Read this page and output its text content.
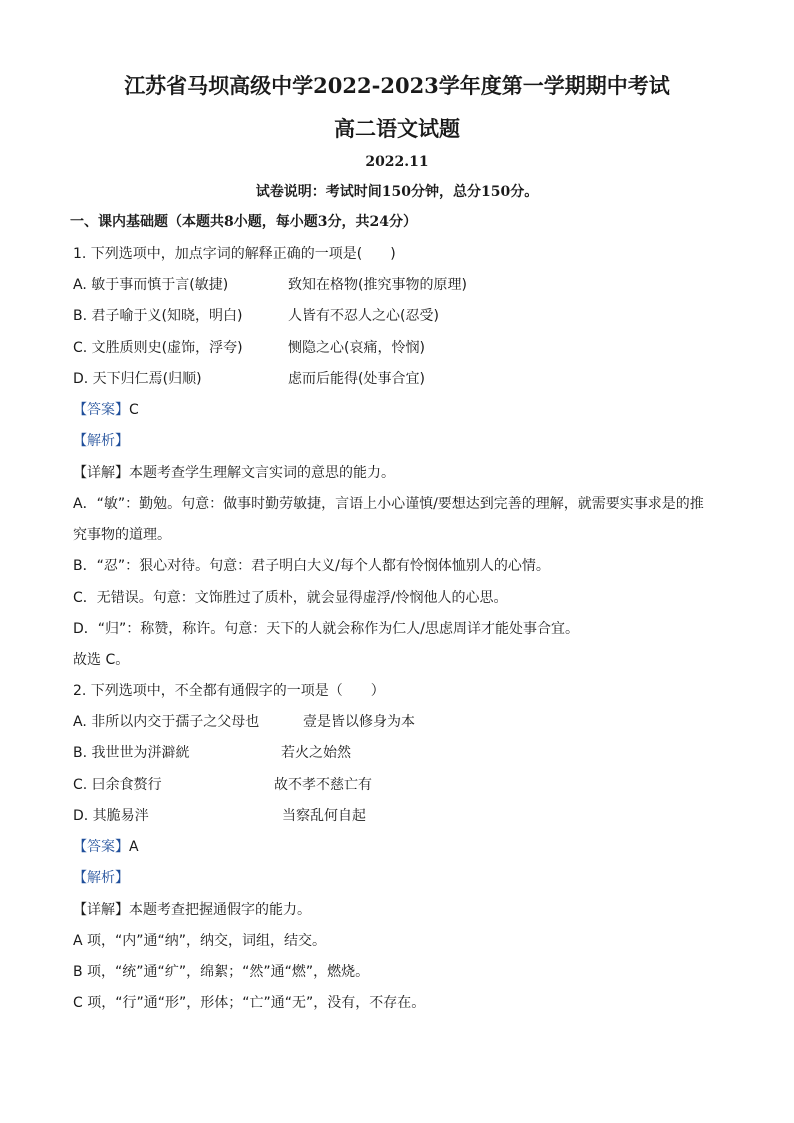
江苏省马坝高级中学2022-2023学年度第一学期期中考试
高二语文试题
2022.11
试卷说明：考试时间150分钟，总分150分。
一、课内基础题（本题共8小题，每小题3分，共24分）
1. 下列选项中，加点字词的解释正确的一项是(　　)
A. 敏于事而慎于言(敏捷)	致知在格物(推究事物的原理)
B. 君子喻于义(知晓，明白)	人皆有不忍人之心(忍受)
C. 文胜质则史(虚饰，浮夸)	恻隐之心(哀痛，怜悯)
D. 天下归仁焉(归顺)	虑而后能得(处事合宜)
【答案】C
【解析】
【详解】本题考查学生理解文言实词的意思的能力。
A．“敏”：勤勉。句意：做事时勤劳敏捷，言语上小心谨慎/要想达到完善的理解，就需要实事求是的推
究事物的道理。
B．“忍”：狠心对待。句意：君子明白大义/每个人都有怜悯体恤别人的心情。
C．无错误。句意：文饰胜过了质朴，就会显得虚浮/怜悯他人的心思。
D．“归”：称赞，称许。句意：天下的人就会称作为仁人/思虑周详才能处事合宜。
故选 C。
2. 下列选项中，不全都有通假字的一项是（　　）
A. 非所以内交于孺子之父母也	壹是皆以修身为本
B. 我世世为洴澼絖	若火之始然
C. 曰余食赘行	故不孝不慈亡有
D. 其脆易泮	当察乱何自起
【答案】A
【解析】
【详解】本题考查把握通假字的能力。
A 项，“内”通“纳”，纳交，词组，结交。
B 项，“统”通“纩”，绵絮；“然”通“燃”，燃烧。
C 项，“行”通“形”，形体；“亡”通“无”，没有，不存在。
